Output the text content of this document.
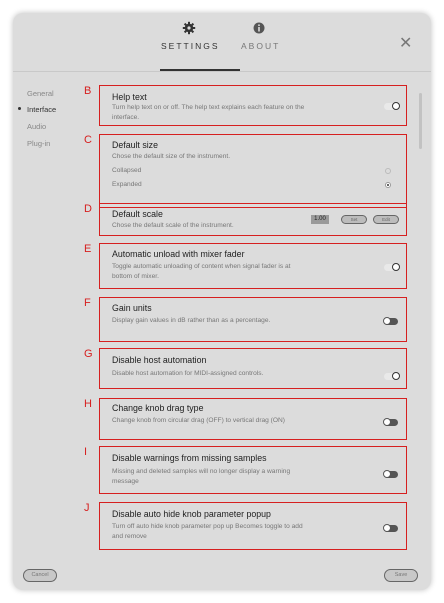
SETTINGS	ABOUT	✕
General
Interface
Audio
Plug-in
B Help text
Turn help text on or off. The help text explains each feature on the interface.
C Default size
Chose the default size of the instrument.
Collapsed
Expanded
D Default scale
Chose the default scale of the instrument.
1.00	Set	Edit
E Automatic unload with mixer fader
Toggle automatic unloading of content when signal fader is at bottom of mixer.
F Gain units
Display gain values in dB rather than as a percentage.
G Disable host automation
Disable host automation for MIDI-assigned controls.
H Change knob drag type
Change knob from circular drag (OFF) to vertical drag (ON)
I	Disable warnings from missing samples
Missing and deleted samples will no longer display a warning message
J	Disable auto hide knob parameter popup
Turn off auto hide knob parameter pop up Becomes toggle to add and remove
Cancel	Save
